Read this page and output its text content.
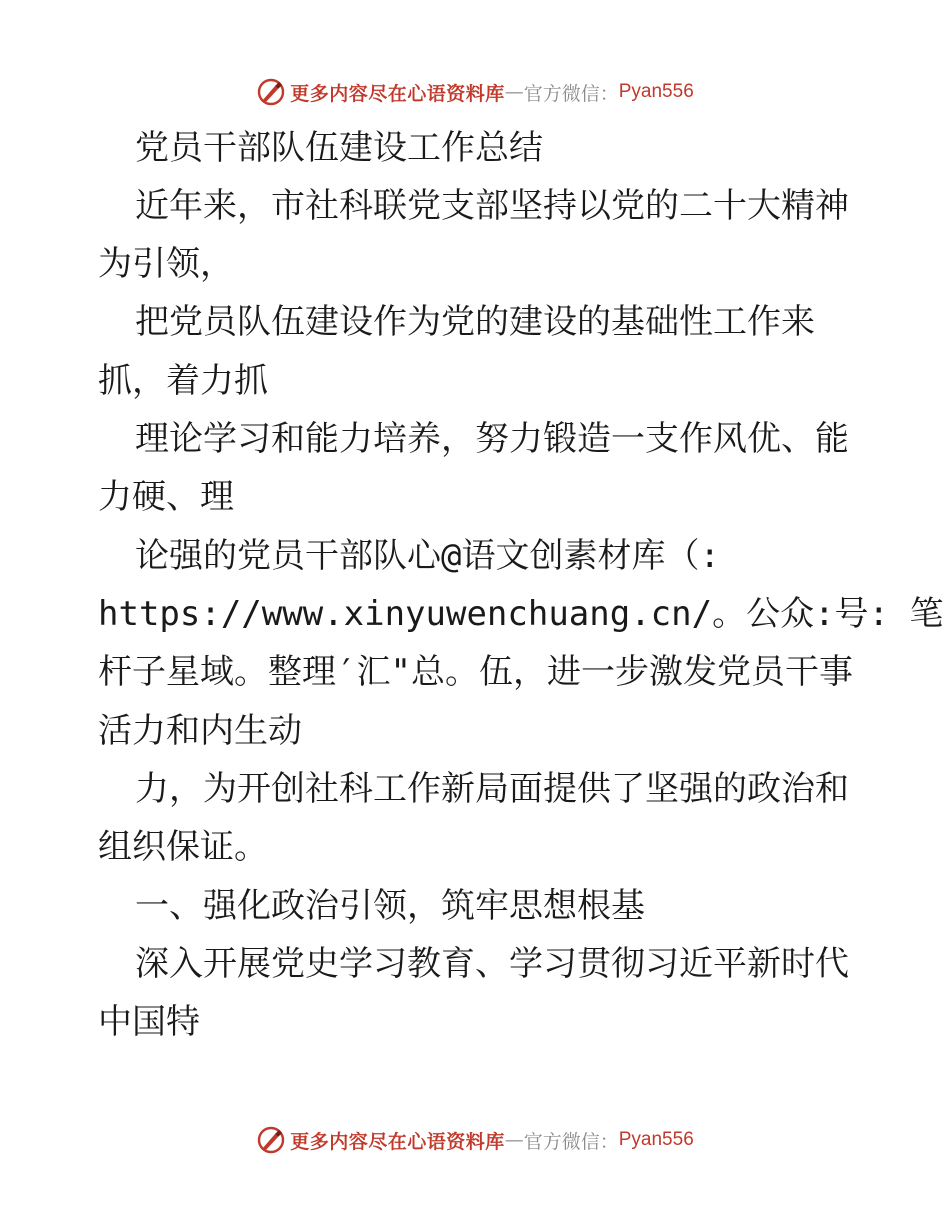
更多内容尽在心语资料库 — 官方微信： Pyan556
党员干部队伍建设工作总结
近年来，市社科联党支部坚持以党的二十大精神
为引领，
把党员队伍建设作为党的建设的基础性工作来
抓，着力抓
理论学习和能力培养，努力锻造一支作风优、能
力硬、理
论强的党员干部队心@语文创素材库（:
https://www.xinyuwenchuang.cn/。公众:号: 笔
杆子星域。整理′汇"总。伍，进一步激发党员干事
活力和内生动
力，为开创社科工作新局面提供了坚强的政治和
组织保证。
一、强化政治引领，筑牢思想根基
深入开展党史学习教育、学习贯彻习近平新时代
中国特
更多内容尽在心语资料库 — 官方微信： Pyan556
